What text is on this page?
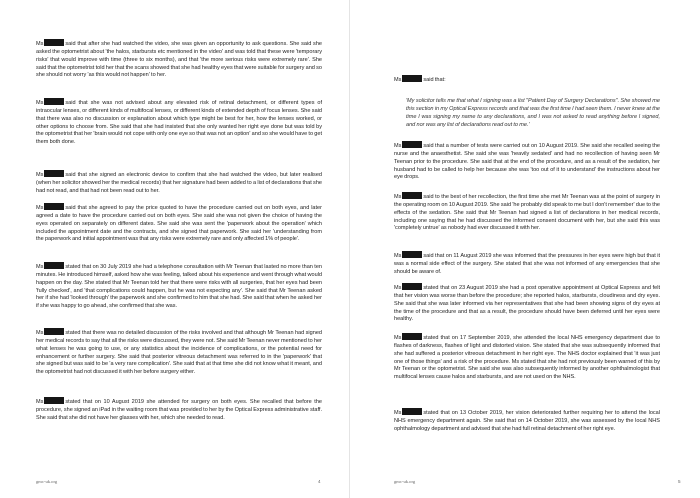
Ms	said that after she had watched the video, she was given an opportunity to ask questions. She said she asked the optometrist about 'the halos, starbursts etc mentioned in the video' and was told that these were 'temporary risks' that would improve with time (three to six months), and that 'the more serious risks were extremely rare'. She said that the optometrist told her that the scans showed that she had healthy eyes that were suitable for surgery and so she should not worry 'as this would not happen' to her.

Ms	said that she was not advised about any elevated risk of retinal detachment, or different types of intraocular lenses, or different kinds of multifocal lenses, or different kinds of extended depth of focus lenses. She said that there was also no discussion or explanation about which type might be best for her, how the lenses worked, or other options to choose from. She said that she had insisted that she only wanted her right eye done but was told by the optometrist that her 'brain would not cope with only one eye so that was not an option' and so she would have to get them both done.

Ms	said that she signed an electronic device to confirm that she had watched the video, but later realised (when her solicitor showed her the medical records) that her signature had been added to a list of declarations that she had not read, and that had not been read out to her.

Ms	said that she agreed to pay the price quoted to have the procedure carried out on both eyes, and later agreed a date to have the procedure carried out on both eyes. She said she was not given the choice of having the eyes operated on separately on different dates. She said she was sent the 'paperwork about the operation' which included the appointment date and the contracts, and she signed that paperwork. She said her 'understanding from the paperwork and initial appointment was that any risks were extremely rare and only affected 1% of people'.

Ms	stated that on 30 July 2019 she had a telephone consultation with Mr Teenan that lasted no more than ten minutes. He introduced himself, asked how she was feeling, talked about his experience and went through what would happen on the day. She stated that Mr Teenan told her that there were risks with all surgeries, that her eyes had been 'fully checked', and 'that complications could happen, but he was not expecting any'. She said that Mr Teenan asked her if she had 'looked through' the paperwork and she confirmed to him that she had. She said that when he asked her if she was happy to go ahead, she confirmed that she was.

Ms	stated that there was no detailed discussion of the risks involved and that although Mr Teenan had signed her medical records to say that all the risks were discussed, they were not. She said Mr Teenan never mentioned to her what lenses he was going to use, or any statistics about the incidence of complications, or the potential need for enhancement or further surgery. She said that posterior vitreous detachment was referred to in the 'paperwork' that she signed but was said to be 'a very rare complication'. She said that at that time she did not know what it meant, and the optometrist had not discussed it with her before surgery either.

Ms	stated that on 10 August 2019 she attended for surgery on both eyes. She recalled that before the procedure, she signed an iPad in the waiting room that was provided to her by the Optical Express administrative staff. She said that she did not have her glasses with her, which she needed to read.

gmc-uk.org	4

Ms	said that:

'My solicitor tells me that what I signing was a list "Patient Day of Surgery Declarations". She showed me this section in my Optical Express records and that was the first time I had seen them. I never knew at the time I was signing my name to any declarations, and I was not asked to read anything before I signed, and nor was any list of declarations read out to me.'

Ms	said that a number of tests were carried out on 10 August 2019. She said she recalled seeing the nurse and the anaesthetist. She said she was 'heavily sedated' and had no recollection of having seen Mr Teenan prior to the procedure. She said that at the end of the procedure, and as a result of the sedation, her husband had to be called to help her because she was 'too out of it to understand' the instructions about her eye drops.

Ms	said to the best of her recollection, the first time she met Mr Teenan was at the point of surgery in the operating room on 10 August 2019. She said 'he probably did speak to me but I don't remember' due to the effects of the sedation. She said that Mr Teenan had signed a list of declarations in her medical records, including one saying that he had discussed the informed consent document with her, but she said this was 'completely untrue' as nobody had ever discussed it with her.

Ms	said that on 11 August 2019 she was informed that the pressures in her eyes were high but that it was a normal side effect of the surgery. She stated that she was not informed of any emergencies that she should be aware of.

Ms	stated that on 23 August 2019 she had a post operative appointment at Optical Express and felt that her vision was worse than before the procedure; she reported halos, starbursts, cloudiness and dry eyes. She said that she was later informed via her representatives that she had been showing signs of dry eyes at the time of the procedure and that as a result, the procedure should have been deferred until her eyes were healthy.

Ms	stated that on 17 September 2019, she attended the local NHS emergency department due to flashes of darkness, flashes of light and distorted vision. She stated that she was subsequently informed that she had suffered a posterior vitreous detachment in her right eye. The NHS doctor explained that 'it was just one of those things' and a risk of the procedure. Ms stated that she had not previously been warned of this by Mr Teenan or the optometrist. She said she was also subsequently informed by another ophthalmologist that multifocal lenses cause halos and starbursts, and are not used on the NHS.

Ms	stated that on 13 October 2019, her vision deteriorated further requiring her to attend the local NHS emergency department again. She said that on 14 October 2019, she was assessed by the local NHS ophthalmology department and advised that she had full retinal detachment of her right eye.

gmc-uk.org	5
